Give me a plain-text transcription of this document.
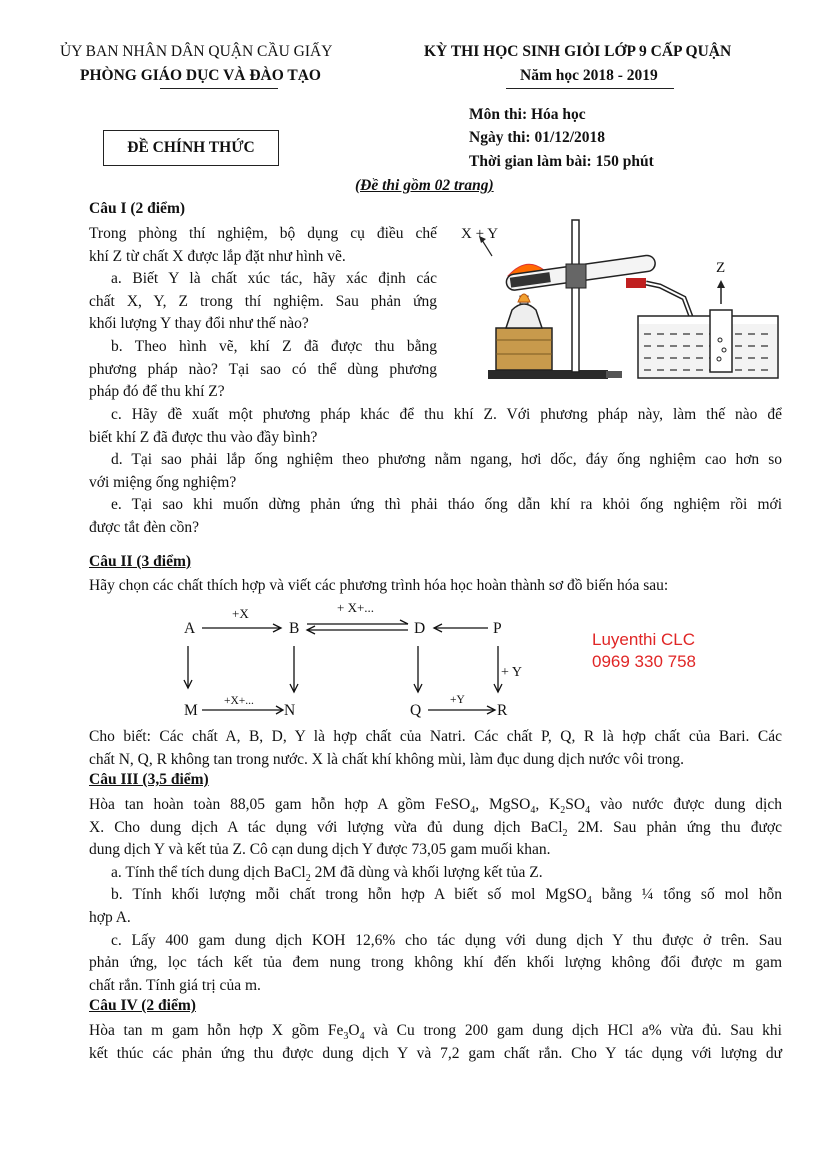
ỦY BAN NHÂN DÂN QUẬN CẦU GIẤY
PHÒNG GIÁO DỤC VÀ ĐÀO TẠO
KỲ THI HỌC SINH GIỎI LỚP 9 CẤP QUẬN
Năm học 2018 - 2019
Môn thi: Hóa học
Ngày thi: 01/12/2018
Thời gian làm bài: 150 phút
ĐỀ CHÍNH THỨC
(Đề thi gồm 02 trang)
Câu I (2 điểm)
Trong phòng thí nghiệm, bộ dụng cụ điều chế
khí Z từ chất X được lắp đặt như hình vẽ.
a. Biết Y là chất xúc tác, hãy xác định các
chất X, Y, Z trong thí nghiệm. Sau phản ứng
khối lượng Y thay đổi như thế nào?
b. Theo hình vẽ, khí Z đã được thu bằng
phương pháp nào? Tại sao có thể dùng phương
pháp đó để thu khí Z?
c. Hãy đề xuất một phương pháp khác để thu khí Z. Với phương pháp này, làm thế nào để
biết khí Z đã được thu vào đầy bình?
d. Tại sao phải lắp ống nghiệm theo phương nằm ngang, hơi dốc, đáy ống nghiệm cao hơn so
với miệng ống nghiệm?
e. Tại sao khi muốn dừng phản ứng thì phải tháo ống dẫn khí ra khỏi ống nghiệm rồi mới
được tắt đèn cồn?
X + Y
Z
Câu II (3 điểm)
Hãy chọn các chất thích hợp và viết các phương trình hóa học hoàn thành sơ đồ biến hóa sau:
A	B	D	P
M	N	Q	R
+X	+ X+...
+ Y
+X+...	+Y
Luyenthi CLC
0969 330 758
Cho biết: Các chất A, B, D, Y là hợp chất của Natri. Các chất P, Q, R là hợp chất của Bari. Các
chất N, Q, R không tan trong nước. X là chất khí không mùi, làm đục dung dịch nước vôi trong.
Câu III (3,5 điểm)
Hòa tan hoàn toàn 88,05 gam hỗn hợp A gồm FeSO$_4$, MgSO$_4$, $K_2SO_4$ vào nước được dung dịch
X. Cho dung dịch A tác dụng với lượng vừa đủ dung dịch BaCl$_2$ 2M. Sau phản ứng thu được
dung dịch Y và kết tủa Z. Cô cạn dung dịch Y được 73,05 gam muối khan.
a. Tính thể tích dung dịch BaCl$_2$ 2M đã dùng và khối lượng kết tủa Z.
b. Tính khối lượng mỗi chất trong hỗn hợp A biết số mol MgSO$_4$ bằng ¼ tổng số mol hỗn
hợp A.
c. Lấy 400 gam dung dịch KOH 12,6% cho tác dụng với dung dịch Y thu được ở trên. Sau
phản ứng, lọc tách kết tủa đem nung trong không khí đến khối lượng không đổi được m gam
chất rắn. Tính giá trị của m.
Câu IV (2 điểm)
Hòa tan m gam hỗn hợp X gồm $Fe_3O_4$ và Cu trong 200 gam dung dịch HCl a% vừa đủ. Sau khi
kết thúc các phản ứng thu được dung dịch Y và 7,2 gam chất rắn. Cho Y tác dụng với lượng dư
